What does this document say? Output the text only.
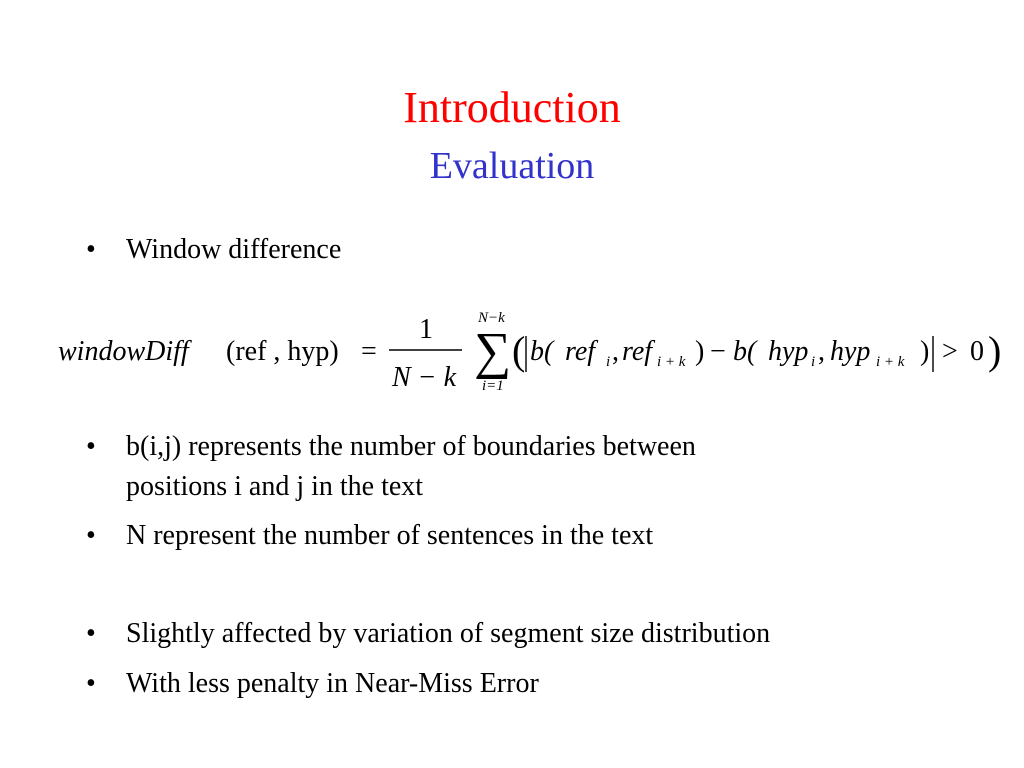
Introduction
Evaluation
• Window difference
windowDiff (ref , hyp) =
1
N − k
N−k
∑
i=1
( b( ref i , ref i + k ) − b( hyp i , hyp i + k ) > 0 )
• b(i,j) represents the number of boundaries between
positions i and j in the text
• N represent the number of sentences in the text
• Slightly affected by variation of segment size distribution
• With less penalty in Near-Miss Error
